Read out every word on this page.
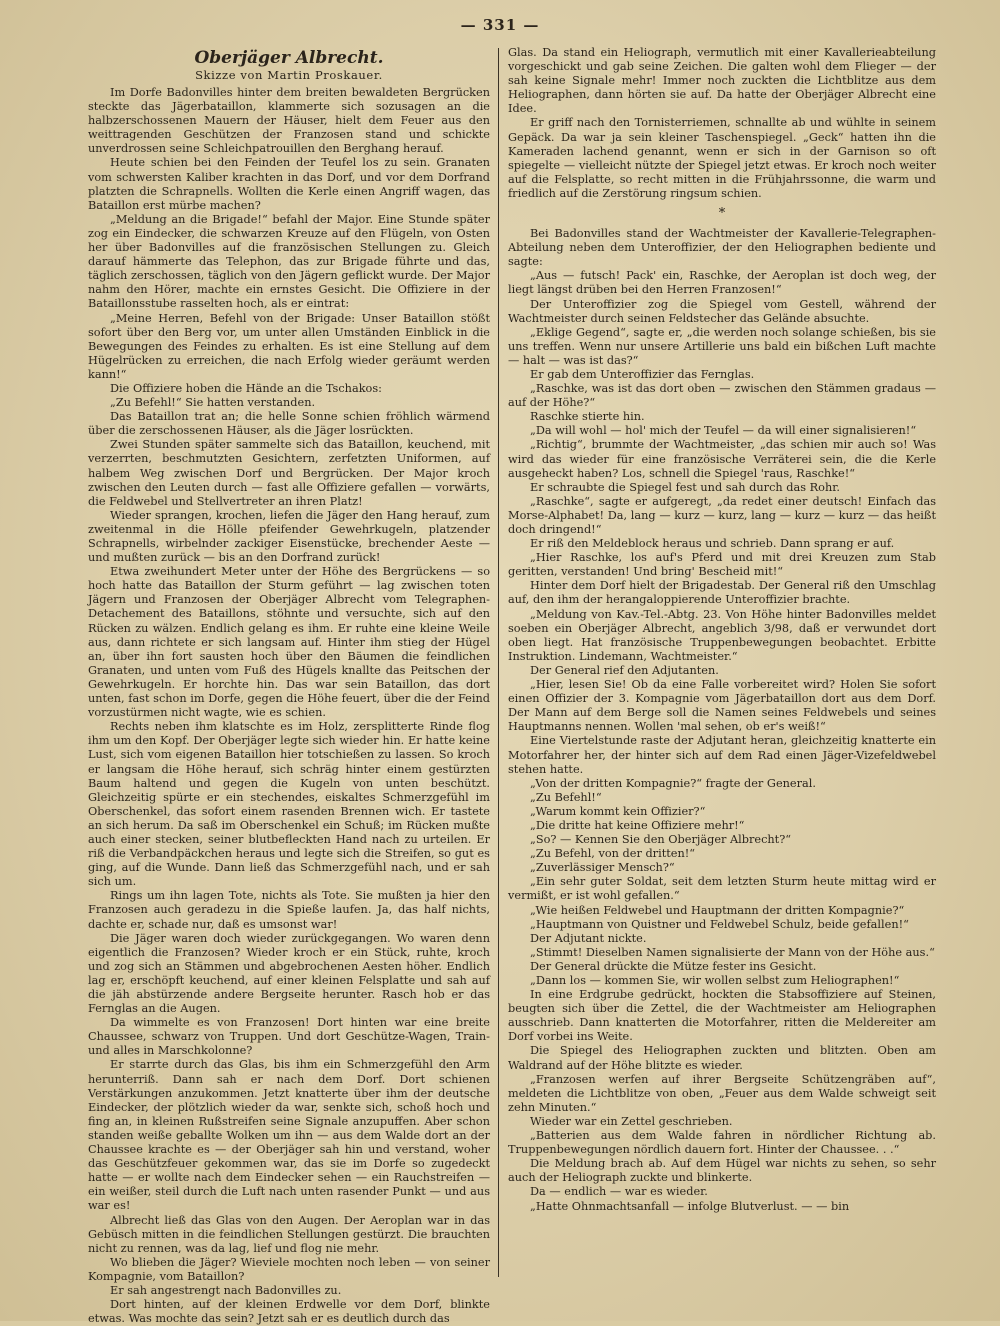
— 331 —
Oberjäger Albrecht.
Skizze von Martin Proskauer.

Im Dorfe Badonvilles hinter dem breiten bewaldeten Bergrücken steckte das Jägerbataillon, klammerte sich sozusagen an die halbzerschossenen Mauern der Häuser, hielt dem Feuer aus den weittragenden Geschützen der Franzosen stand und schickte unverdrossen seine Schleichpatrouillen den Berghang herauf.

Heute schien bei den Feinden der Teufel los zu sein. Granaten vom schwersten Kaliber krachten in das Dorf, und vor dem Dorfrand platzten die Schrapnells. Wollten die Kerle einen Angriff wagen, das Bataillon erst mürbe machen?

„Meldung an die Brigade!“ befahl der Major. Eine Stunde später zog ein Eindecker, die schwarzen Kreuze auf den Flügeln, von Osten her über Badonvilles auf die französischen Stellungen zu. Gleich darauf hämmerte das Telephon, das zur Brigade führte und das, täglich zerschossen, täglich von den Jägern geflickt wurde. Der Major nahm den Hörer, machte ein ernstes Gesicht. Die Offiziere in der Bataillonsstube rasselten hoch, als er eintrat:

„Meine Herren, Befehl von der Brigade: Unser Bataillon stößt sofort über den Berg vor, um unter allen Umständen Einblick in die Bewegungen des Feindes zu erhalten. Es ist eine Stellung auf dem Hügelrücken zu erreichen, die nach Erfolg wieder geräumt werden kann!“

Die Offiziere hoben die Hände an die Tschakos:

„Zu Befehl!“ Sie hatten verstanden.

Das Bataillon trat an; die helle Sonne schien fröhlich wärmend über die zerschossenen Häuser, als die Jäger losrückten.

Zwei Stunden später sammelte sich das Bataillon, keuchend, mit verzerrten, beschmutzten Gesichtern, zerfetzten Uniformen, auf halbem Weg zwischen Dorf und Bergrücken. Der Major kroch zwischen den Leuten durch — fast alle Offiziere gefallen — vorwärts, die Feldwebel und Stellvertreter an ihren Platz!

Wieder sprangen, krochen, liefen die Jäger den Hang herauf, zum zweitenmal in die Hölle pfeifender Gewehrkugeln, platzender Schrapnells, wirbelnder zackiger Eisenstücke, brechender Aeste — und mußten zurück — bis an den Dorfrand zurück!

Etwa zweihundert Meter unter der Höhe des Bergrückens — so hoch hatte das Bataillon der Sturm geführt — lag zwischen toten Jägern und Franzosen der Oberjäger Albrecht vom Telegraphen-Detachement des Bataillons, stöhnte und versuchte, sich auf den Rücken zu wälzen. Endlich gelang es ihm. Er ruhte eine kleine Weile aus, dann richtete er sich langsam auf. Hinter ihm stieg der Hügel an, über ihn fort sausten hoch über den Bäumen die feindlichen Granaten, und unten vom Fuß des Hügels knallte das Peitschen der Gewehrkugeln. Er horchte hin. Das war sein Bataillon, das dort unten, fast schon im Dorfe, gegen die Höhe feuert, über die der Feind vorzustürmen nicht wagte, wie es schien.

Rechts neben ihm klatschte es im Holz, zersplitterte Rinde flog ihm um den Kopf. Der Oberjäger legte sich wieder hin. Er hatte keine Lust, sich vom eigenen Bataillon hier totschießen zu lassen. So kroch er langsam die Höhe herauf, sich schräg hinter einem gestürzten Baum haltend und gegen die Kugeln von unten beschützt. Gleichzeitig spürte er ein stechendes, eiskaltes Schmerzgefühl im Oberschenkel, das sofort einem rasenden Brennen wich. Er tastete an sich herum. Da saß im Oberschenkel ein Schuß; im Rücken mußte auch einer stecken, seiner blutbefleckten Hand nach zu urteilen. Er riß die Verbandpäckchen heraus und legte sich die Streifen, so gut es ging, auf die Wunde. Dann ließ das Schmerzgefühl nach, und er sah sich um.

Rings um ihn lagen Tote, nichts als Tote. Sie mußten ja hier den Franzosen auch geradezu in die Spieße laufen. Ja, das half nichts, dachte er, schade nur, daß es umsonst war!

Die Jäger waren doch wieder zurückgegangen. Wo waren denn eigentlich die Franzosen? Wieder kroch er ein Stück, ruhte, kroch und zog sich an Stämmen und abgebrochenen Aesten höher. Endlich lag er, erschöpft keuchend, auf einer kleinen Felsplatte und sah auf die jäh abstürzende andere Bergseite herunter. Rasch hob er das Fernglas an die Augen.

Da wimmelte es von Franzosen! Dort hinten war eine breite Chaussee, schwarz von Truppen. Und dort Geschütze-Wagen, Train- und alles in Marschkolonne?

Er starrte durch das Glas, bis ihm ein Schmerzgefühl den Arm herunterriß. Dann sah er nach dem Dorf. Dort schienen Verstärkungen anzukommen. Jetzt knatterte über ihm der deutsche Eindecker, der plötzlich wieder da war, senkte sich, schoß hoch und fing an, in kleinen Rußstreifen seine Signale anzupuffen. Aber schon standen weiße geballte Wolken um ihn — aus dem Walde dort an der Chaussee krachte es — der Oberjäger sah hin und verstand, woher das Geschützfeuer gekommen war, das sie im Dorfe so zugedeckt hatte — er wollte nach dem Eindecker sehen — ein Rauchstreifen — ein weißer, steil durch die Luft nach unten rasender Punkt — und aus war es!

Albrecht ließ das Glas von den Augen. Der Aeroplan war in das Gebüsch mitten in die feindlichen Stellungen gestürzt. Die brauchten nicht zu rennen, was da lag, lief und flog nie mehr.

Wo blieben die Jäger? Wieviele mochten noch leben — von seiner Kompagnie, vom Bataillon?

Er sah angestrengt nach Badonvilles zu.

Dort hinten, auf der kleinen Erdwelle vor dem Dorf, blinkte etwas. Was mochte das sein? Jetzt sah er es deutlich durch das

Glas. Da stand ein Heliograph, vermutlich mit einer Kavallerieabteilung vorgeschickt und gab seine Zeichen. Die galten wohl dem Flieger — der sah keine Signale mehr! Immer noch zuckten die Lichtblitze aus dem Heliographen, dann hörten sie auf. Da hatte der Oberjäger Albrecht eine Idee.

Er griff nach den Tornisterriemen, schnallte ab und wühlte in seinem Gepäck. Da war ja sein kleiner Taschenspiegel. „Geck“ hatten ihn die Kameraden lachend genannt, wenn er sich in der Garnison so oft spiegelte — vielleicht nützte der Spiegel jetzt etwas. Er kroch noch weiter auf die Felsplatte, so recht mitten in die Frühjahrssonne, die warm und friedlich auf die Zerstörung ringsum schien.

*

Bei Badonvilles stand der Wachtmeister der Kavallerie-Telegraphen-Abteilung neben dem Unteroffizier, der den Heliographen bediente und sagte:

„Aus — futsch! Pack' ein, Raschke, der Aeroplan ist doch weg, der liegt längst drüben bei den Herren Franzosen!“

Der Unteroffizier zog die Spiegel vom Gestell, während der Wachtmeister durch seinen Feldstecher das Gelände absuchte.

„Eklige Gegend“, sagte er, „die werden noch solange schießen, bis sie uns treffen. Wenn nur unsere Artillerie uns bald ein bißchen Luft machte — halt — was ist das?“

Er gab dem Unteroffizier das Fernglas.

„Raschke, was ist das dort oben — zwischen den Stämmen gradaus — auf der Höhe?“

Raschke stierte hin.

„Da will wohl — hol' mich der Teufel — da will einer signalisieren!“

„Richtig“, brummte der Wachtmeister, „das schien mir auch so! Was wird das wieder für eine französische Verräterei sein, die die Kerle ausgeheckt haben? Los, schnell die Spiegel 'raus, Raschke!“

Er schraubte die Spiegel fest und sah durch das Rohr.

„Raschke“, sagte er aufgeregt, „da redet einer deutsch! Einfach das Morse-Alphabet! Da, lang — kurz — kurz, lang — kurz — kurz — das heißt doch dringend!“

Er riß den Meldeblock heraus und schrieb. Dann sprang er auf.

„Hier Raschke, los auf's Pferd und mit drei Kreuzen zum Stab geritten, verstanden! Und bring' Bescheid mit!“

Hinter dem Dorf hielt der Brigadestab. Der General riß den Umschlag auf, den ihm der herangaloppierende Unteroffizier brachte.

„Meldung von Kav.-Tel.-Abtg. 23. Von Höhe hinter Badonvilles meldet soeben ein Oberjäger Albrecht, angeblich 3/98, daß er verwundet dort oben liegt. Hat französische Truppenbewegungen beobachtet. Erbitte Instruktion. Lindemann, Wachtmeister.“

Der General rief den Adjutanten.

„Hier, lesen Sie! Ob da eine Falle vorbereitet wird? Holen Sie sofort einen Offizier der 3. Kompagnie vom Jägerbataillon dort aus dem Dorf. Der Mann auf dem Berge soll die Namen seines Feldwebels und seines Hauptmanns nennen. Wollen 'mal sehen, ob er's weiß!“

Eine Viertelstunde raste der Adjutant heran, gleichzeitig knatterte ein Motorfahrer her, der hinter sich auf dem Rad einen Jäger-Vizefeldwebel stehen hatte.

„Von der dritten Kompagnie?“ fragte der General.

„Zu Befehl!“

„Warum kommt kein Offizier?“

„Die dritte hat keine Offiziere mehr!“

„So? — Kennen Sie den Oberjäger Albrecht?“

„Zu Befehl, von der dritten!“

„Zuverlässiger Mensch?“

„Ein sehr guter Soldat, seit dem letzten Sturm heute mittag wird er vermißt, er ist wohl gefallen.“

„Wie heißen Feldwebel und Hauptmann der dritten Kompagnie?“

„Hauptmann von Quistner und Feldwebel Schulz, beide gefallen!“

Der Adjutant nickte.

„Stimmt! Dieselben Namen signalisierte der Mann von der Höhe aus.“

Der General drückte die Mütze fester ins Gesicht.

„Dann los — kommen Sie, wir wollen selbst zum Heliographen!“

In eine Erdgrube gedrückt, hockten die Stabsoffiziere auf Steinen, beugten sich über die Zettel, die der Wachtmeister am Heliographen ausschrieb. Dann knatterten die Motorfahrer, ritten die Meldereiter am Dorf vorbei ins Weite.

Die Spiegel des Heliographen zuckten und blitzten. Oben am Waldrand auf der Höhe blitzte es wieder.

„Franzosen werfen auf ihrer Bergseite Schützengräben auf“, meldeten die Lichtblitze von oben, „Feuer aus dem Walde schweigt seit zehn Minuten.“

Wieder war ein Zettel geschrieben.

„Batterien aus dem Walde fahren in nördlicher Richtung ab. Truppenbewegungen nördlich dauern fort. Hinter der Chaussee. . .“

Die Meldung brach ab. Auf dem Hügel war nichts zu sehen, so sehr auch der Heliograph zuckte und blinkerte.

Da — endlich — war es wieder.

„Hatte Ohnmachtsanfall — infolge Blutverlust. — — bin
